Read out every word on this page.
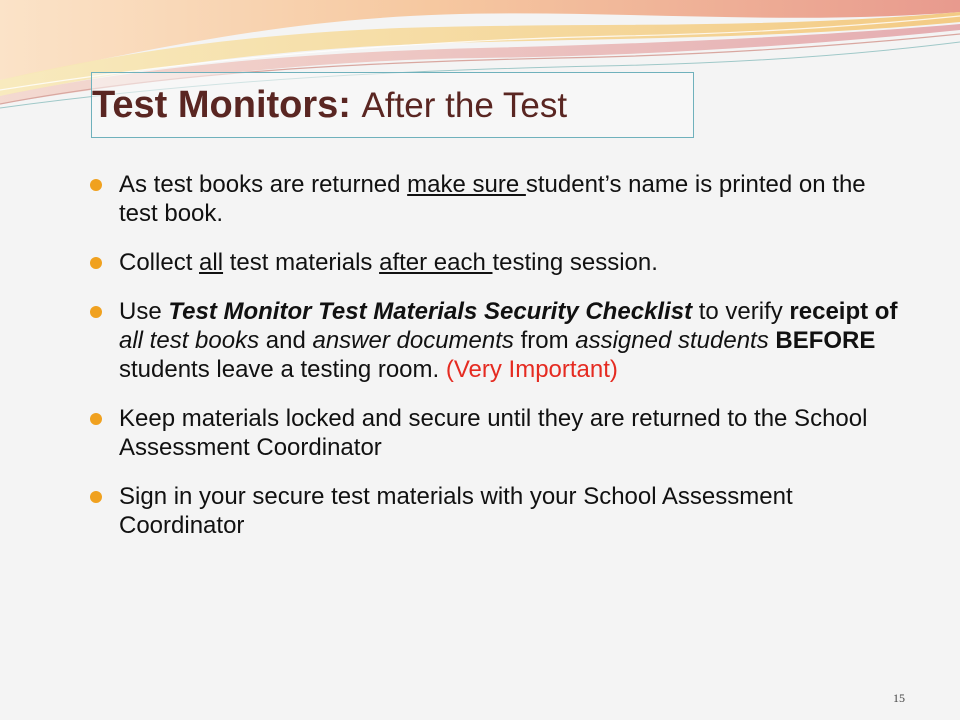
Test Monitors: After the Test
As test books are returned make sure student’s name is printed on the test book.
Collect all test materials after each testing session.
Use Test Monitor Test Materials Security Checklist to verify receipt of all test books and answer documents from assigned students BEFORE students leave a testing room. (Very Important)
Keep materials locked and secure until they are returned to the School Assessment Coordinator
Sign in your secure test materials with your School Assessment Coordinator
15
